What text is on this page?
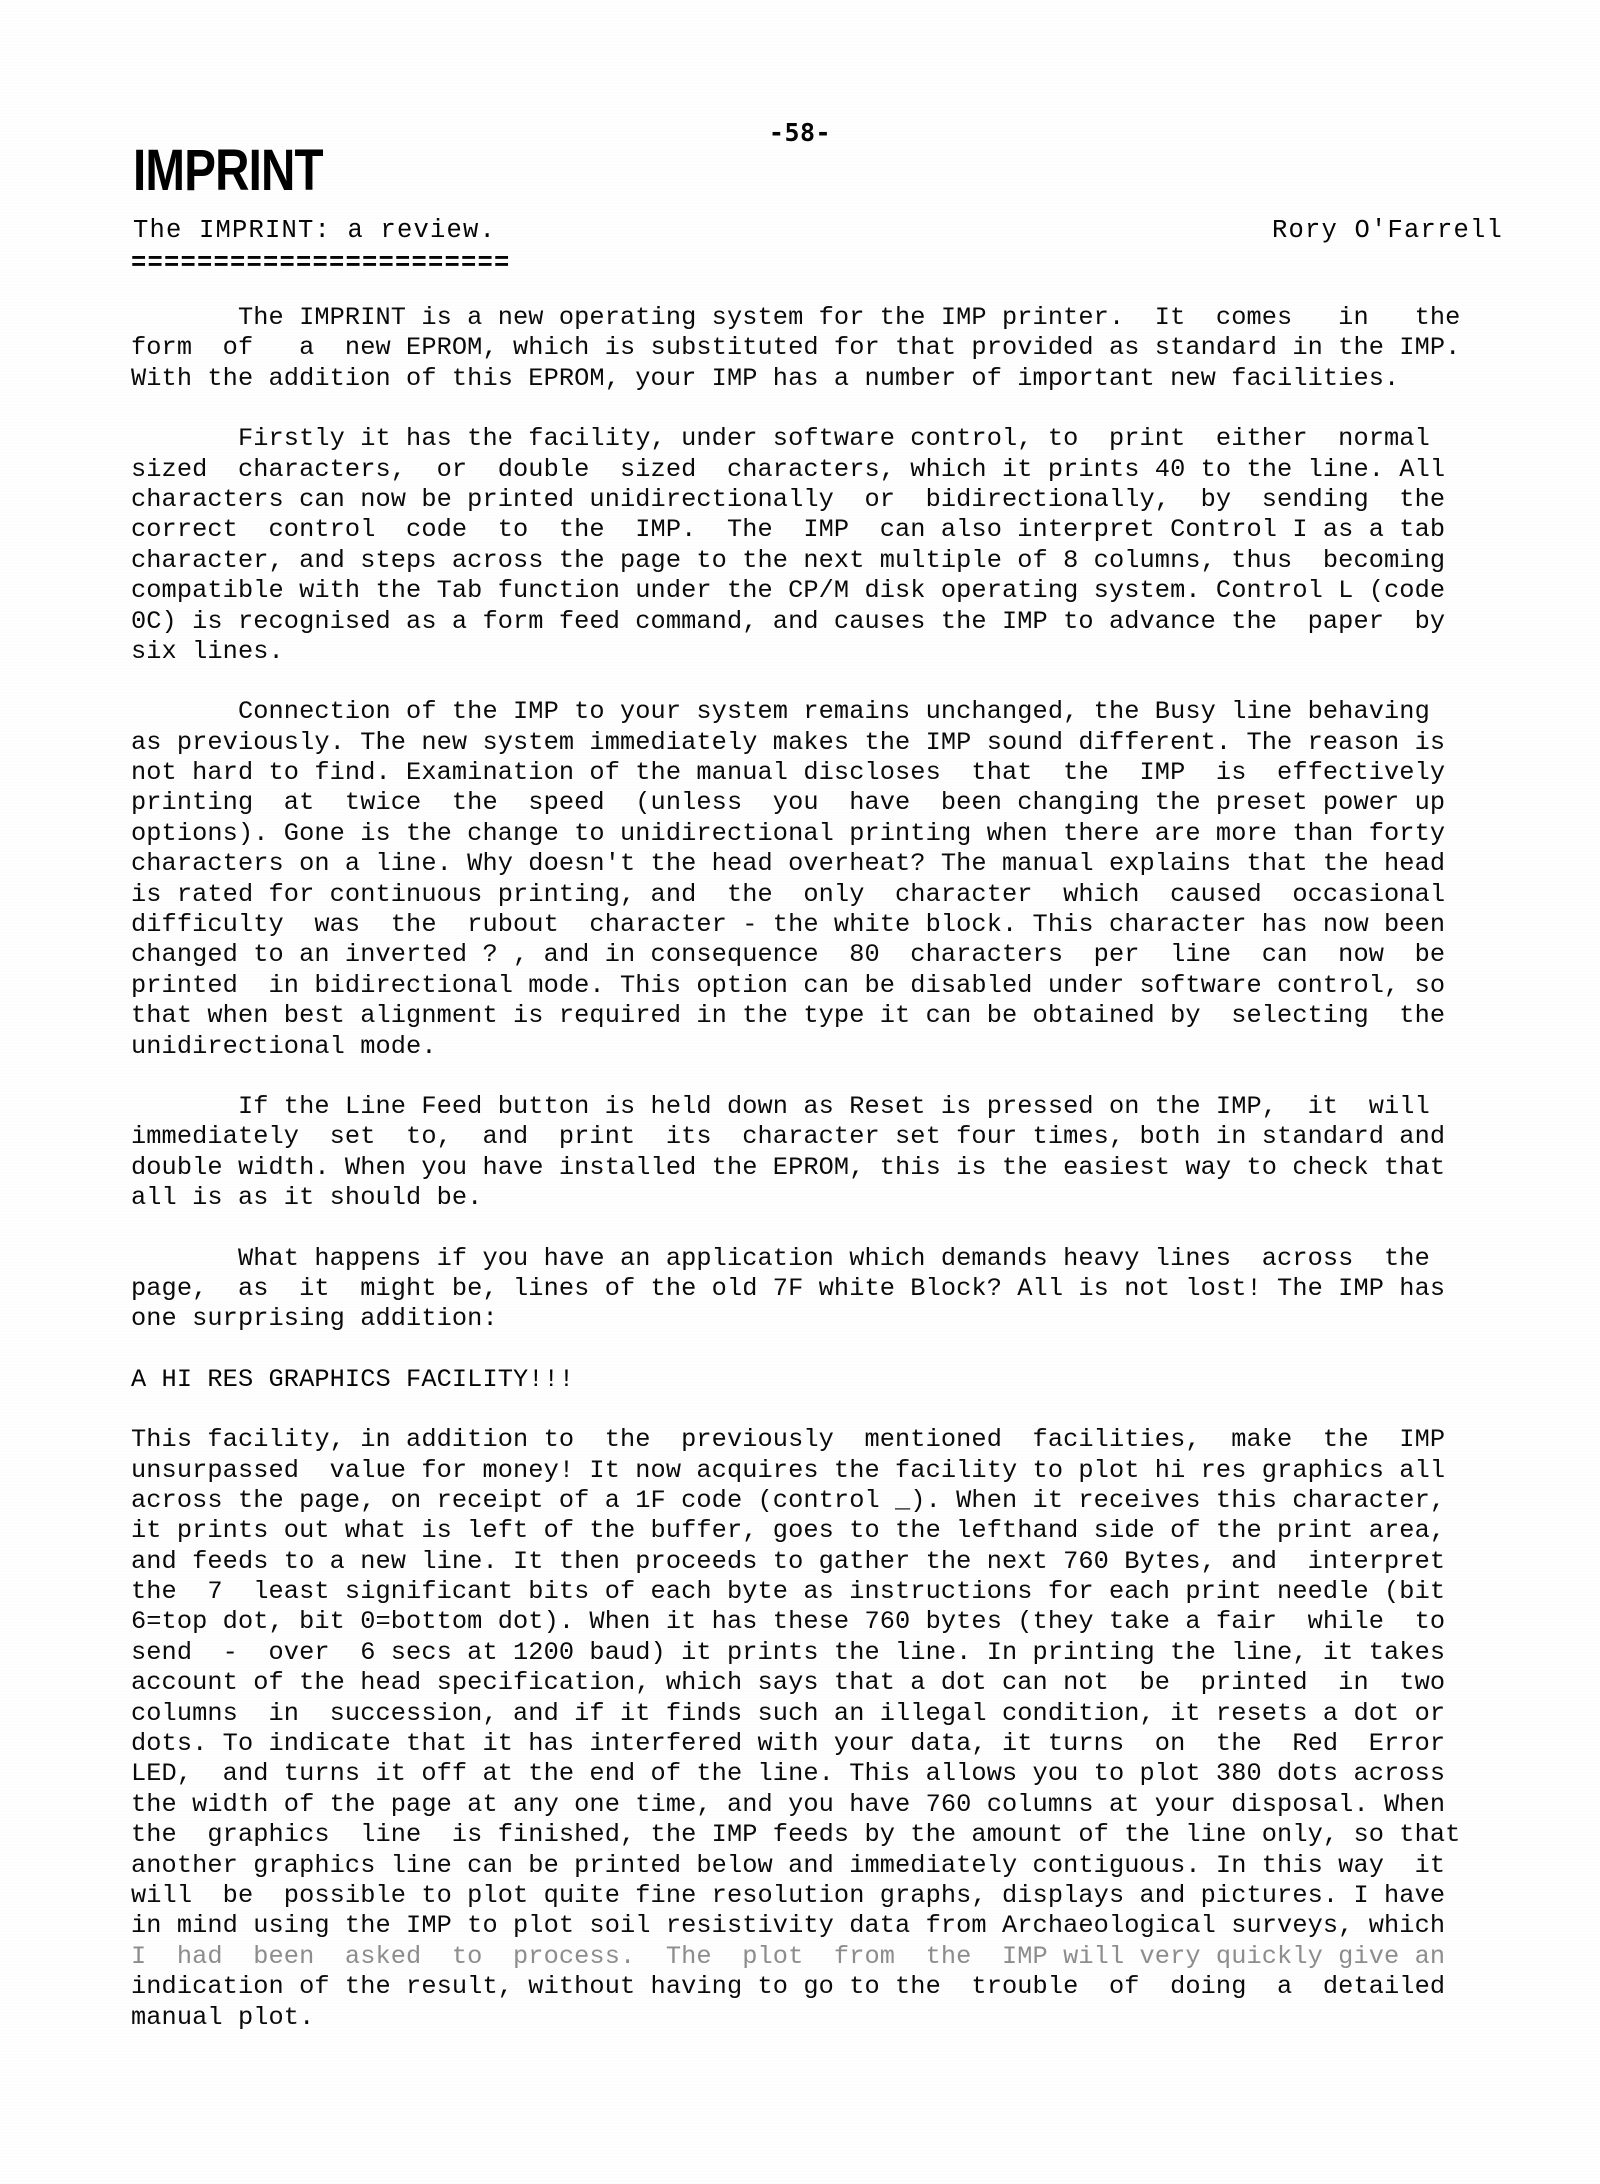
-58-
IMPRINT
The IMPRINT: a review.	Rory O'Farrell
=======================
The IMPRINT is a new operating system for the IMP printer.  It  comes   in   the
form  of   a  new EPROM, which is substituted for that provided as standard in the IMP.
With the addition of this EPROM, your IMP has a number of important new facilities.
Firstly it has the facility, under software control, to  print  either  normal
sized  characters,  or  double  sized  characters, which it prints 40 to the line. All
characters can now be printed unidirectionally  or  bidirectionally,  by  sending  the
correct  control  code  to  the  IMP.  The  IMP  can also interpret Control I as a tab
character, and steps across the page to the next multiple of 8 columns, thus  becoming
compatible with the Tab function under the CP/M disk operating system. Control L (code
0C) is recognised as a form feed command, and causes the IMP to advance the  paper  by
six lines.
Connection of the IMP to your system remains unchanged, the Busy line behaving
as previously. The new system immediately makes the IMP sound different. The reason is
not hard to find. Examination of the manual discloses  that  the  IMP  is  effectively
printing  at  twice  the  speed  (unless  you  have  been changing the preset power up
options). Gone is the change to unidirectional printing when there are more than forty
characters on a line. Why doesn't the head overheat? The manual explains that the head
is rated for continuous printing, and  the  only  character  which  caused  occasional
difficulty  was  the  rubout  character - the white block. This character has now been
changed to an inverted ? , and in consequence  80  characters  per  line  can  now  be
printed  in bidirectional mode. This option can be disabled under software control, so
that when best alignment is required in the type it can be obtained by  selecting  the
unidirectional mode.
If the Line Feed button is held down as Reset is pressed on the IMP,  it  will
immediately  set  to,  and  print  its  character set four times, both in standard and
double width. When you have installed the EPROM, this is the easiest way to check that
all is as it should be.
What happens if you have an application which demands heavy lines  across  the
page,  as  it  might be, lines of the old 7F white Block? All is not lost! The IMP has
one surprising addition:
A HI RES GRAPHICS FACILITY!!!
This facility, in addition to  the  previously  mentioned  facilities,  make  the  IMP
unsurpassed  value for money! It now acquires the facility to plot hi res graphics all
across the page, on receipt of a 1F code (control _). When it receives this character,
it prints out what is left of the buffer, goes to the lefthand side of the print area,
and feeds to a new line. It then proceeds to gather the next 760 Bytes, and  interpret
the  7  least significant bits of each byte as instructions for each print needle (bit
6=top dot, bit 0=bottom dot). When it has these 760 bytes (they take a fair  while  to
send  -  over  6 secs at 1200 baud) it prints the line. In printing the line, it takes
account of the head specification, which says that a dot can not  be  printed  in  two
columns  in  succession, and if it finds such an illegal condition, it resets a dot or
dots. To indicate that it has interfered with your data, it turns  on  the  Red  Error
LED,  and turns it off at the end of the line. This allows you to plot 380 dots across
the width of the page at any one time, and you have 760 columns at your disposal. When
the  graphics  line  is finished, the IMP feeds by the amount of the line only, so that
another graphics line can be printed below and immediately contiguous. In this way  it
will  be  possible to plot quite fine resolution graphs, displays and pictures. I have
in mind using the IMP to plot soil resistivity data from Archaeological surveys, which
I  had  been  asked  to  process.  The  plot  from  the  IMP will very quickly give an
indication of the result, without having to go to the  trouble  of  doing  a  detailed
manual plot.
